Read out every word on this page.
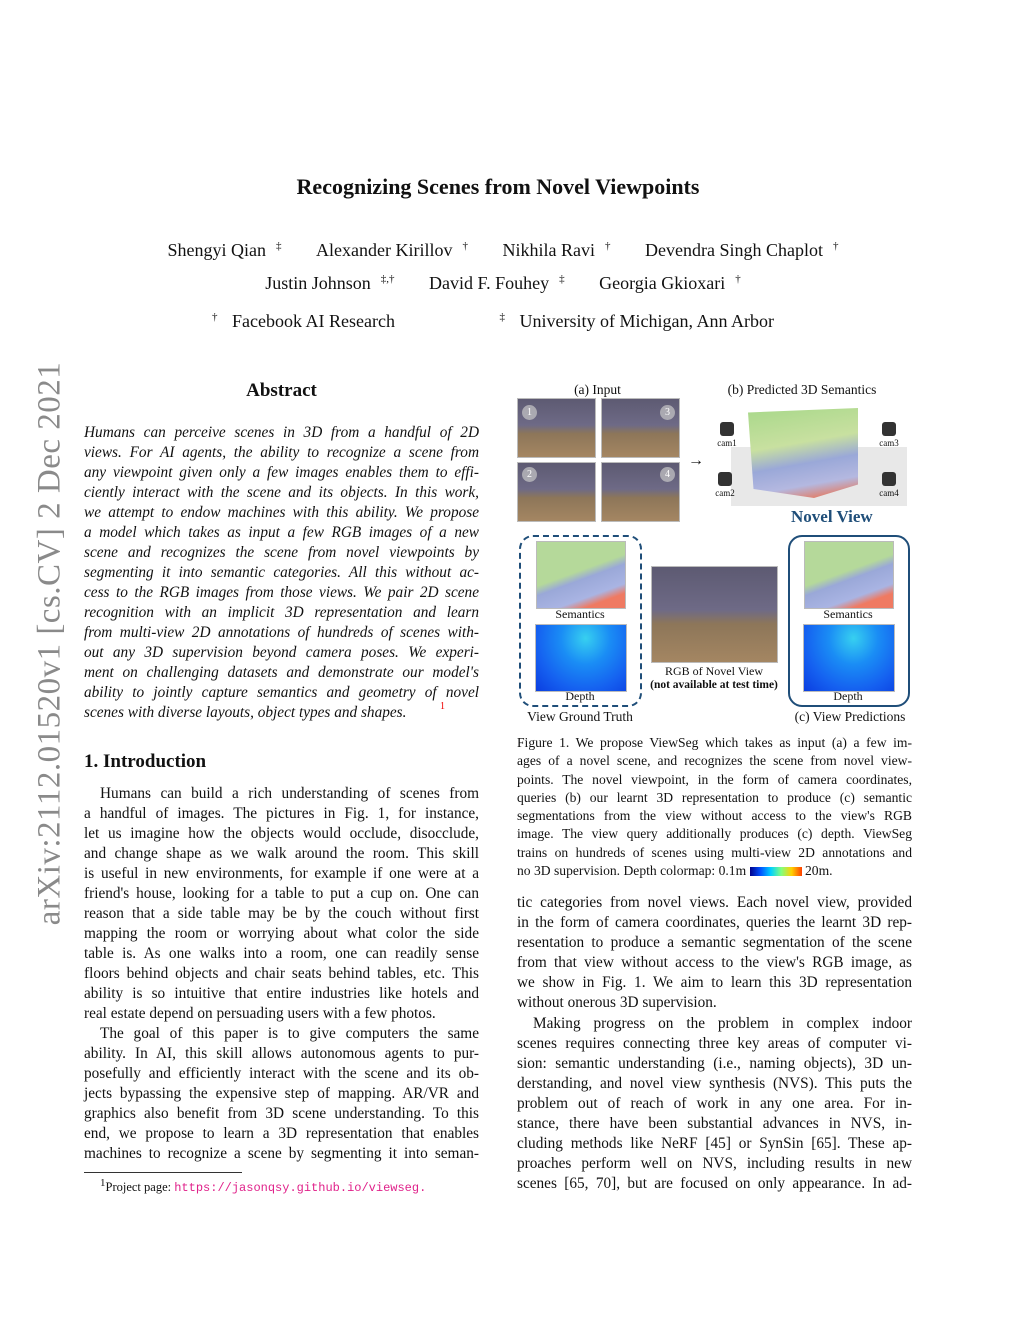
Recognizing Scenes from Novel Viewpoints
Shengyi Qian ‡ Alexander Kirillov † Nikhila Ravi † Devendra Singh Chaplot †
Justin Johnson ‡,† David F. Fouhey ‡ Georgia Gkioxari †
† Facebook AI Research	‡ University of Michigan, Ann Arbor
arXiv:2112.01520v1 [cs.CV] 2 Dec 2021	Abstract
Humans can perceive scenes in 3D from a handful of 2D
views. For AI agents, the ability to recognize a scene from
any viewpoint given only a few images enables them to effi-
ciently interact with the scene and its objects. In this work,
we attempt to endow machines with this ability. We propose
a model which takes as input a few RGB images of a new
scene and recognizes the scene from novel viewpoints by
segmenting it into semantic categories. All this without ac-
cess to the RGB images from those views. We pair 2D scene
recognition with an implicit 3D representation and learn
from multi-view 2D annotations of hundreds of scenes with-
out any 3D supervision beyond camera poses. We experi-
ment on challenging datasets and demonstrate our model's
ability to jointly capture semantics and geometry of novel
scenes with diverse layouts, object types and shapes.	1
1. Introduction
Humans can build a rich understanding of scenes from
a handful of images. The pictures in Fig. 1, for instance,
let us imagine how the objects would occlude, disocclude,
and change shape as we walk around the room. This skill
is useful in new environments, for example if one were at a
friend's house, looking for a table to put a cup on. One can
reason that a side table may be by the couch without first
mapping the room or worrying about what color the side
table is. As one walks into a room, one can readily sense
floors behind objects and chair seats behind tables, etc. This
ability is so intuitive that entire industries like hotels and
real estate depend on persuading users with a few photos.
The goal of this paper is to give computers the same
ability. In AI, this skill allows autonomous agents to pur-
posefully and efficiently interact with the scene and its ob-
jects bypassing the expensive step of mapping. AR/VR and
graphics also benefit from 3D scene understanding. To this
end, we propose to learn a 3D representation that enables
machines to recognize a scene by segmenting it into seman-
$^1$Project page: https://jasonqsy.github.io/viewseg.
(a) Input
1	3
2	4
→
(b) Predicted 3D Semantics
cam1	cam3
cam2	cam4
Novel View
Semantics
Depth
View Ground Truth
RGB of Novel View
(not available at test time)
Semantics
Depth
(c) View Predictions
Figure 1. We propose ViewSeg which takes as input (a) a few im-
ages of a novel scene, and recognizes the scene from novel view-
points. The novel viewpoint, in the form of camera coordinates,
queries (b) our learnt 3D representation to produce (c) semantic
segmentations from the view without access to the view's RGB
image. The view query additionally produces (c) depth. ViewSeg
trains on hundreds of scenes using multi-view 2D annotations and
no 3D supervision. Depth colormap: 0.1m	20m.
tic categories from novel views. Each novel view, provided
in the form of camera coordinates, queries the learnt 3D rep-
resentation to produce a semantic segmentation of the scene
from that view without access to the view's RGB image, as
we show in Fig. 1. We aim to learn this 3D representation
without onerous 3D supervision.
Making progress on the problem in complex indoor
scenes requires connecting three key areas of computer vi-
sion: semantic understanding (i.e., naming objects), 3D un-
derstanding, and novel view synthesis (NVS). This puts the
problem out of reach of work in any one area. For in-
stance, there have been substantial advances in NVS, in-
cluding methods like NeRF [45] or SynSin [65]. These ap-
proaches perform well on NVS, including results in new
scenes [65, 70], but are focused on only appearance. In ad-
